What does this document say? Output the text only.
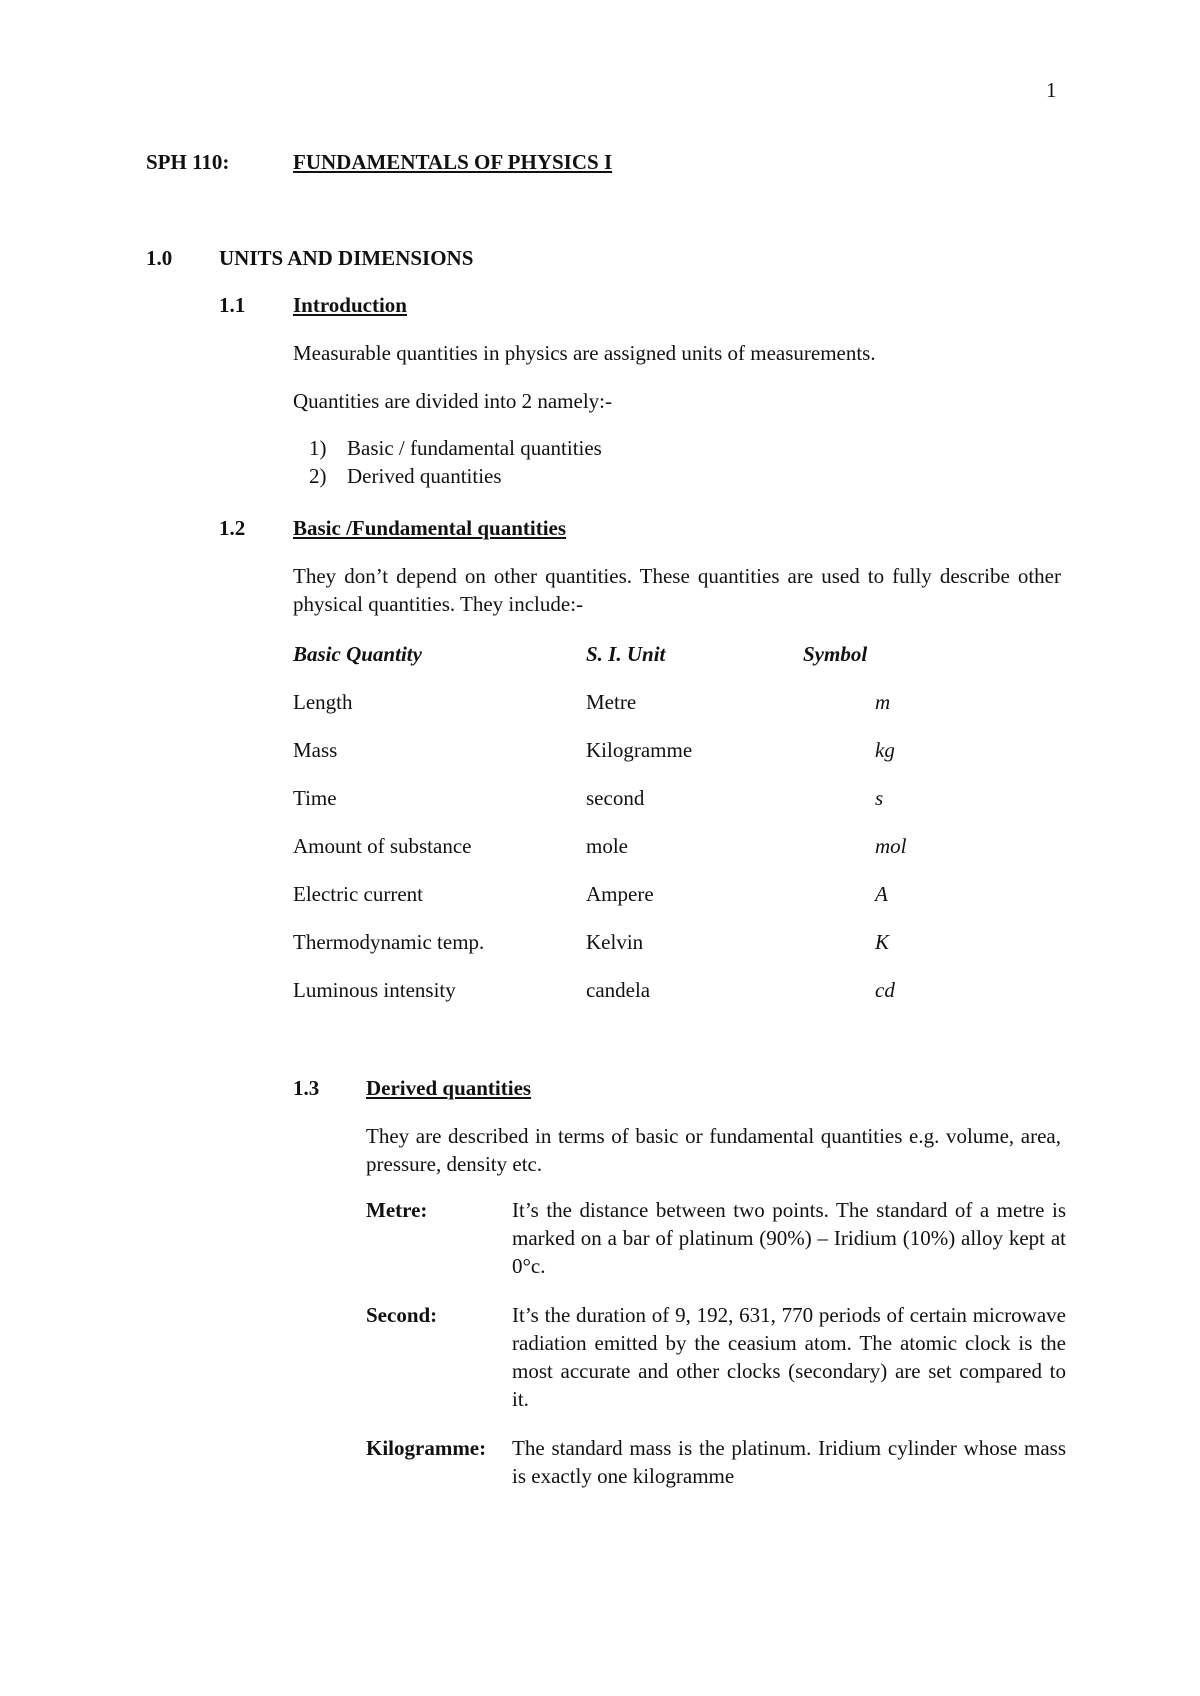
1
SPH 110:	FUNDAMENTALS OF PHYSICS I
1.0 UNITS AND DIMENSIONS
1.1 Introduction
Measurable quantities in physics are assigned units of measurements.
Quantities are divided into 2 namely:-
1) Basic / fundamental quantities
2) Derived quantities
1.2 Basic /Fundamental quantities
They don’t depend on other quantities. These quantities are used to fully describe other physical quantities. They include:-
Basic Quantity	S. I. Unit	Symbol
Length	Metre	m
Mass	Kilogramme	kg
Time	second	s
Amount of substance	mole	mol
Electric current	Ampere	A
Thermodynamic temp.	Kelvin	K
Luminous intensity	candela	cd
1.3 Derived quantities
They are described in terms of basic or fundamental quantities e.g. volume, area, pressure, density etc.
Metre:	It’s the distance between two points. The standard of a metre is marked on a bar of platinum (90%) – Iridium (10%) alloy kept at 0°c.
Second:	It’s the duration of 9, 192, 631, 770 periods of certain microwave radiation emitted by the ceasium atom. The atomic clock is the most accurate and other clocks (secondary) are set compared to it.
Kilogramme: The standard mass is the platinum. Iridium cylinder whose mass is exactly one kilogramme
